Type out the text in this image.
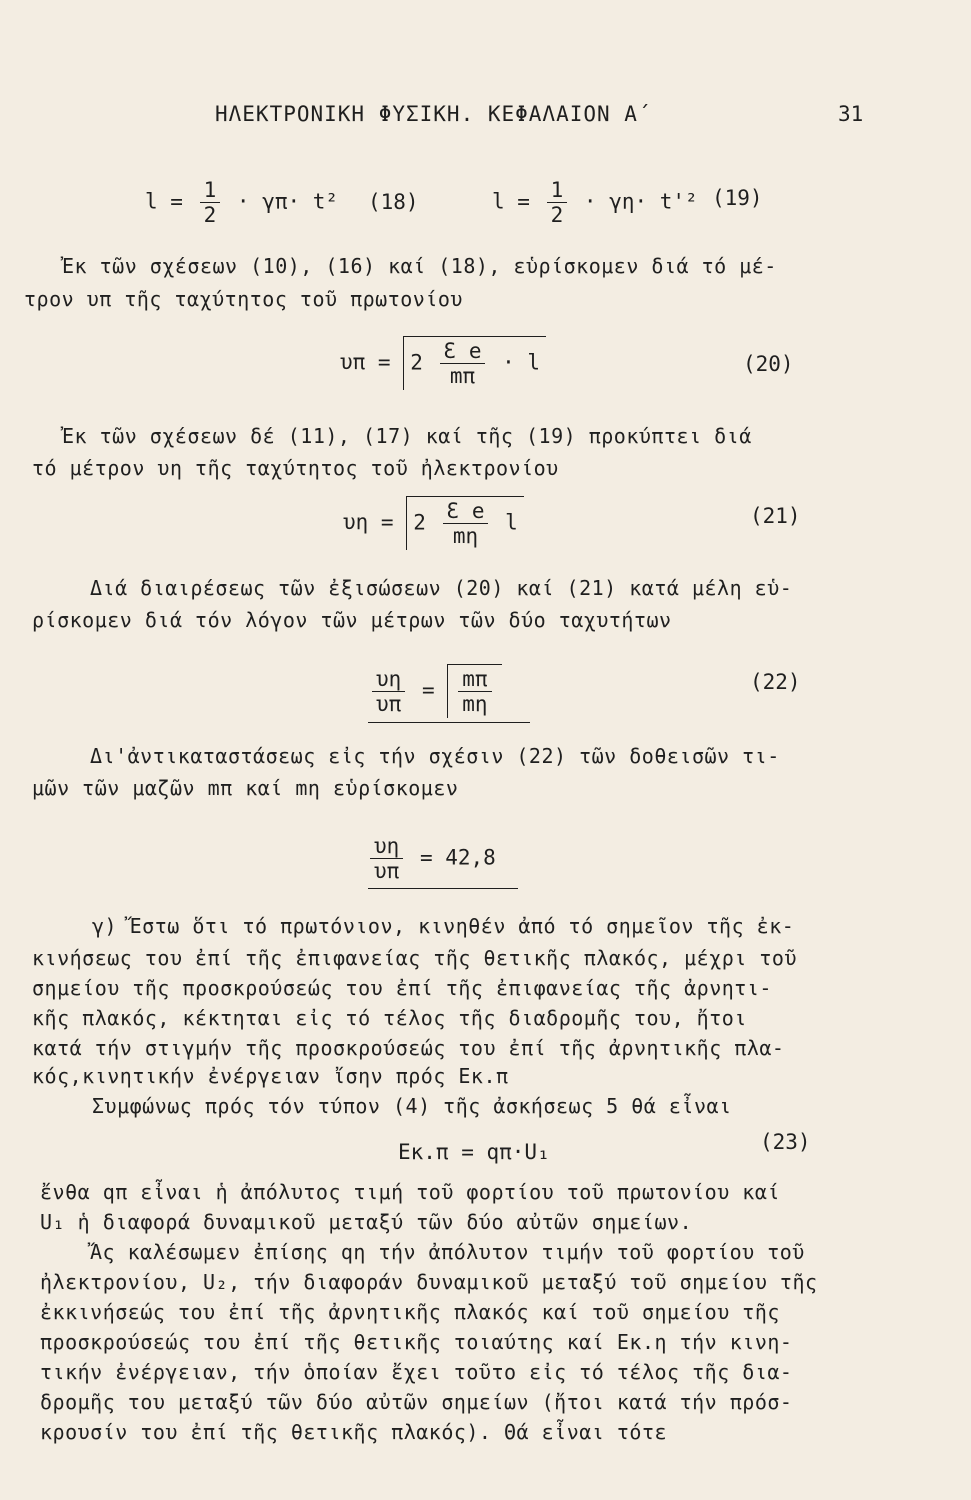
ΗΛΕΚΤΡΟΝΙΚΗ ΦΥΣΙΚΗ. ΚΕΦΑΛΑΙΟΝ Α΄	31
$l = \frac{1}{2} \cdot \gamma\pi\cdot t^2$ (18)	$l = \frac{1}{2} \cdot \gamma\eta\cdot t'^2$ (19)
Ἐκ τῶν σχέσεων (10), (16) καί (18), εὑρίσκομεν διά τό μέ-
τρον υπ τῆς ταχύτητος τοῦ πρωτονίου
$\upsilon\pi = 2 \frac{\text{Ɛ e}}{m\pi} \cdot l$	(20)
Ἐκ τῶν σχέσεων δέ (11), (17) καί τῆς (19) προκύπτει διά
τό μέτρον υη τῆς ταχύτητος τοῦ ἠλεκτρονίου
$\upsilon\eta = 2 \frac{\text{Ɛ e}}{m\eta}$ l	(21)
Διά διαιρέσεως τῶν ἐξισώσεων (20) καί (21) κατά μέλη εὑ-
ρίσκομεν διά τόν λόγον τῶν μέτρων τῶν δύο ταχυτήτων
$\frac{\upsilon\eta}{\upsilon\pi} = \frac{m\pi}{m\eta}$	(22)
Δι'ἀντικαταστάσεως εἰς τήν σχέσιν (22) τῶν δοθεισῶν τι-
μῶν τῶν μαζῶν mπ καί mη εὑρίσκομεν
$\frac{\upsilon\eta}{\upsilon\pi} = 42,8$
γ) Ἔστω ὅτι τό πρωτόνιον, κινηθέν ἀπό τό σημεῖον τῆς ἐκ-
κινήσεως του ἐπί τῆς ἐπιφανείας τῆς θετικῆς πλακός, μέχρι τοῦ
σημείου τῆς προσκρούσεώς του ἐπί τῆς ἐπιφανείας τῆς ἀρνητι-
κῆς πλακός, κέκτηται εἰς τό τέλος τῆς διαδρομῆς του, ἤτοι
κατά τήν στιγμήν τῆς προσκρούσεώς του ἐπί τῆς ἀρνητικῆς πλα-
κός,κινητικήν ἐνέργειαν ἴσην πρός Eκ.π
Συμφώνως πρός τόν τύπον (4) τῆς ἀσκήσεως 5 θά εἶναι
Eκ.π = qπ·U₁	(23)
ἔνθα qπ εἶναι ἡ ἀπόλυτος τιμή τοῦ φορτίου τοῦ πρωτονίου καί
U₁ ἡ διαφορά δυναμικοῦ μεταξύ τῶν δύο αὐτῶν σημείων.
Ἄς καλέσωμεν ἐπίσης qη τήν ἀπόλυτον τιμήν τοῦ φορτίου τοῦ
ἠλεκτρονίου, U₂, τήν διαφοράν δυναμικοῦ μεταξύ τοῦ σημείου τῆς
ἐκκινήσεώς του ἐπί τῆς ἀρνητικῆς πλακός καί τοῦ σημείου τῆς
προσκρούσεώς του ἐπί τῆς θετικῆς τοιαύτης καί Eκ.η τήν κινη-
τικήν ἐνέργειαν, τήν ὁποίαν ἔχει τοῦτο εἰς τό τέλος τῆς δια-
δρομῆς του μεταξύ τῶν δύο αὐτῶν σημείων (ἤτοι κατά τήν πρόσ-
κρουσίν του ἐπί τῆς θετικῆς πλακός). Θά εἶναι τότε
